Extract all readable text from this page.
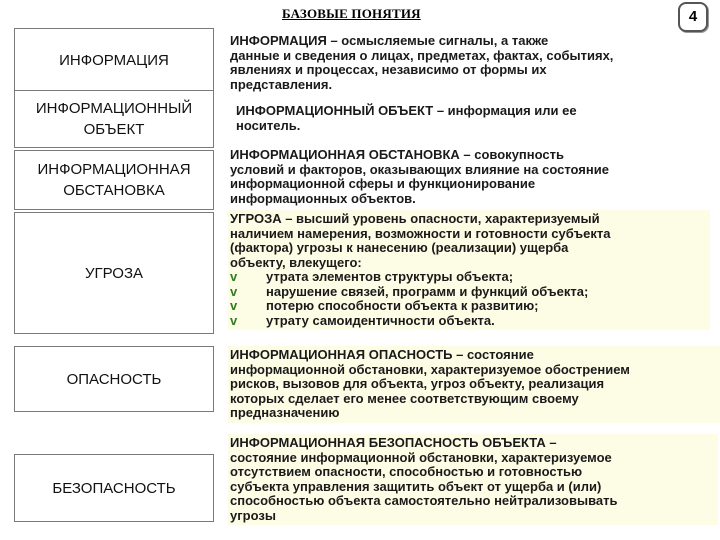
БАЗОВЫЕ ПОНЯТИЯ	4
ИНФОРМАЦИЯ
ИНФОРМАЦИОННЫЙ
ОБЪЕКТ
ИНФОРМАЦИОННАЯ
ОБСТАНОВКА
УГРОЗА
ОПАСНОСТЬ
БЕЗОПАСНОСТЬ
ИНФОРМАЦИЯ – осмысляемые сигналы, а также
данные и сведения о лицах, предметах, фактах, событиях,
явлениях и процессах, независимо от формы их
представления.
ИНФОРМАЦИОННЫЙ ОБЪЕКТ – информация или ее
носитель.
ИНФОРМАЦИОННАЯ ОБСТАНОВКА – совокупность
условий и факторов, оказывающих влияние на состояние
информационной сферы и функционирование
информационных объектов.
УГРОЗА – высший уровень опасности, характеризуемый
наличием намерения, возможности и готовности субъекта
(фактора) угрозы к нанесению (реализации) ущерба
объекту, влекущего:
v утрата элементов структуры объекта;
v нарушение связей, программ и функций объекта;
v потерю способности объекта к развитию;
v утрату самоидентичности объекта.
ИНФОРМАЦИОННАЯ ОПАСНОСТЬ – состояние
информационной обстановки, характеризуемое обострением
рисков, вызовов для объекта, угроз объекту, реализация
которых сделает его менее соответствующим своему
предназначению
ИНФОРМАЦИОННАЯ БЕЗОПАСНОСТЬ ОБЪЕКТА –
состояние информационной обстановки, характеризуемое
отсутствием опасности, способностью и готовностью
субъекта управления защитить объект от ущерба и (или)
способностью объекта самостоятельно нейтрализовывать
угрозы
